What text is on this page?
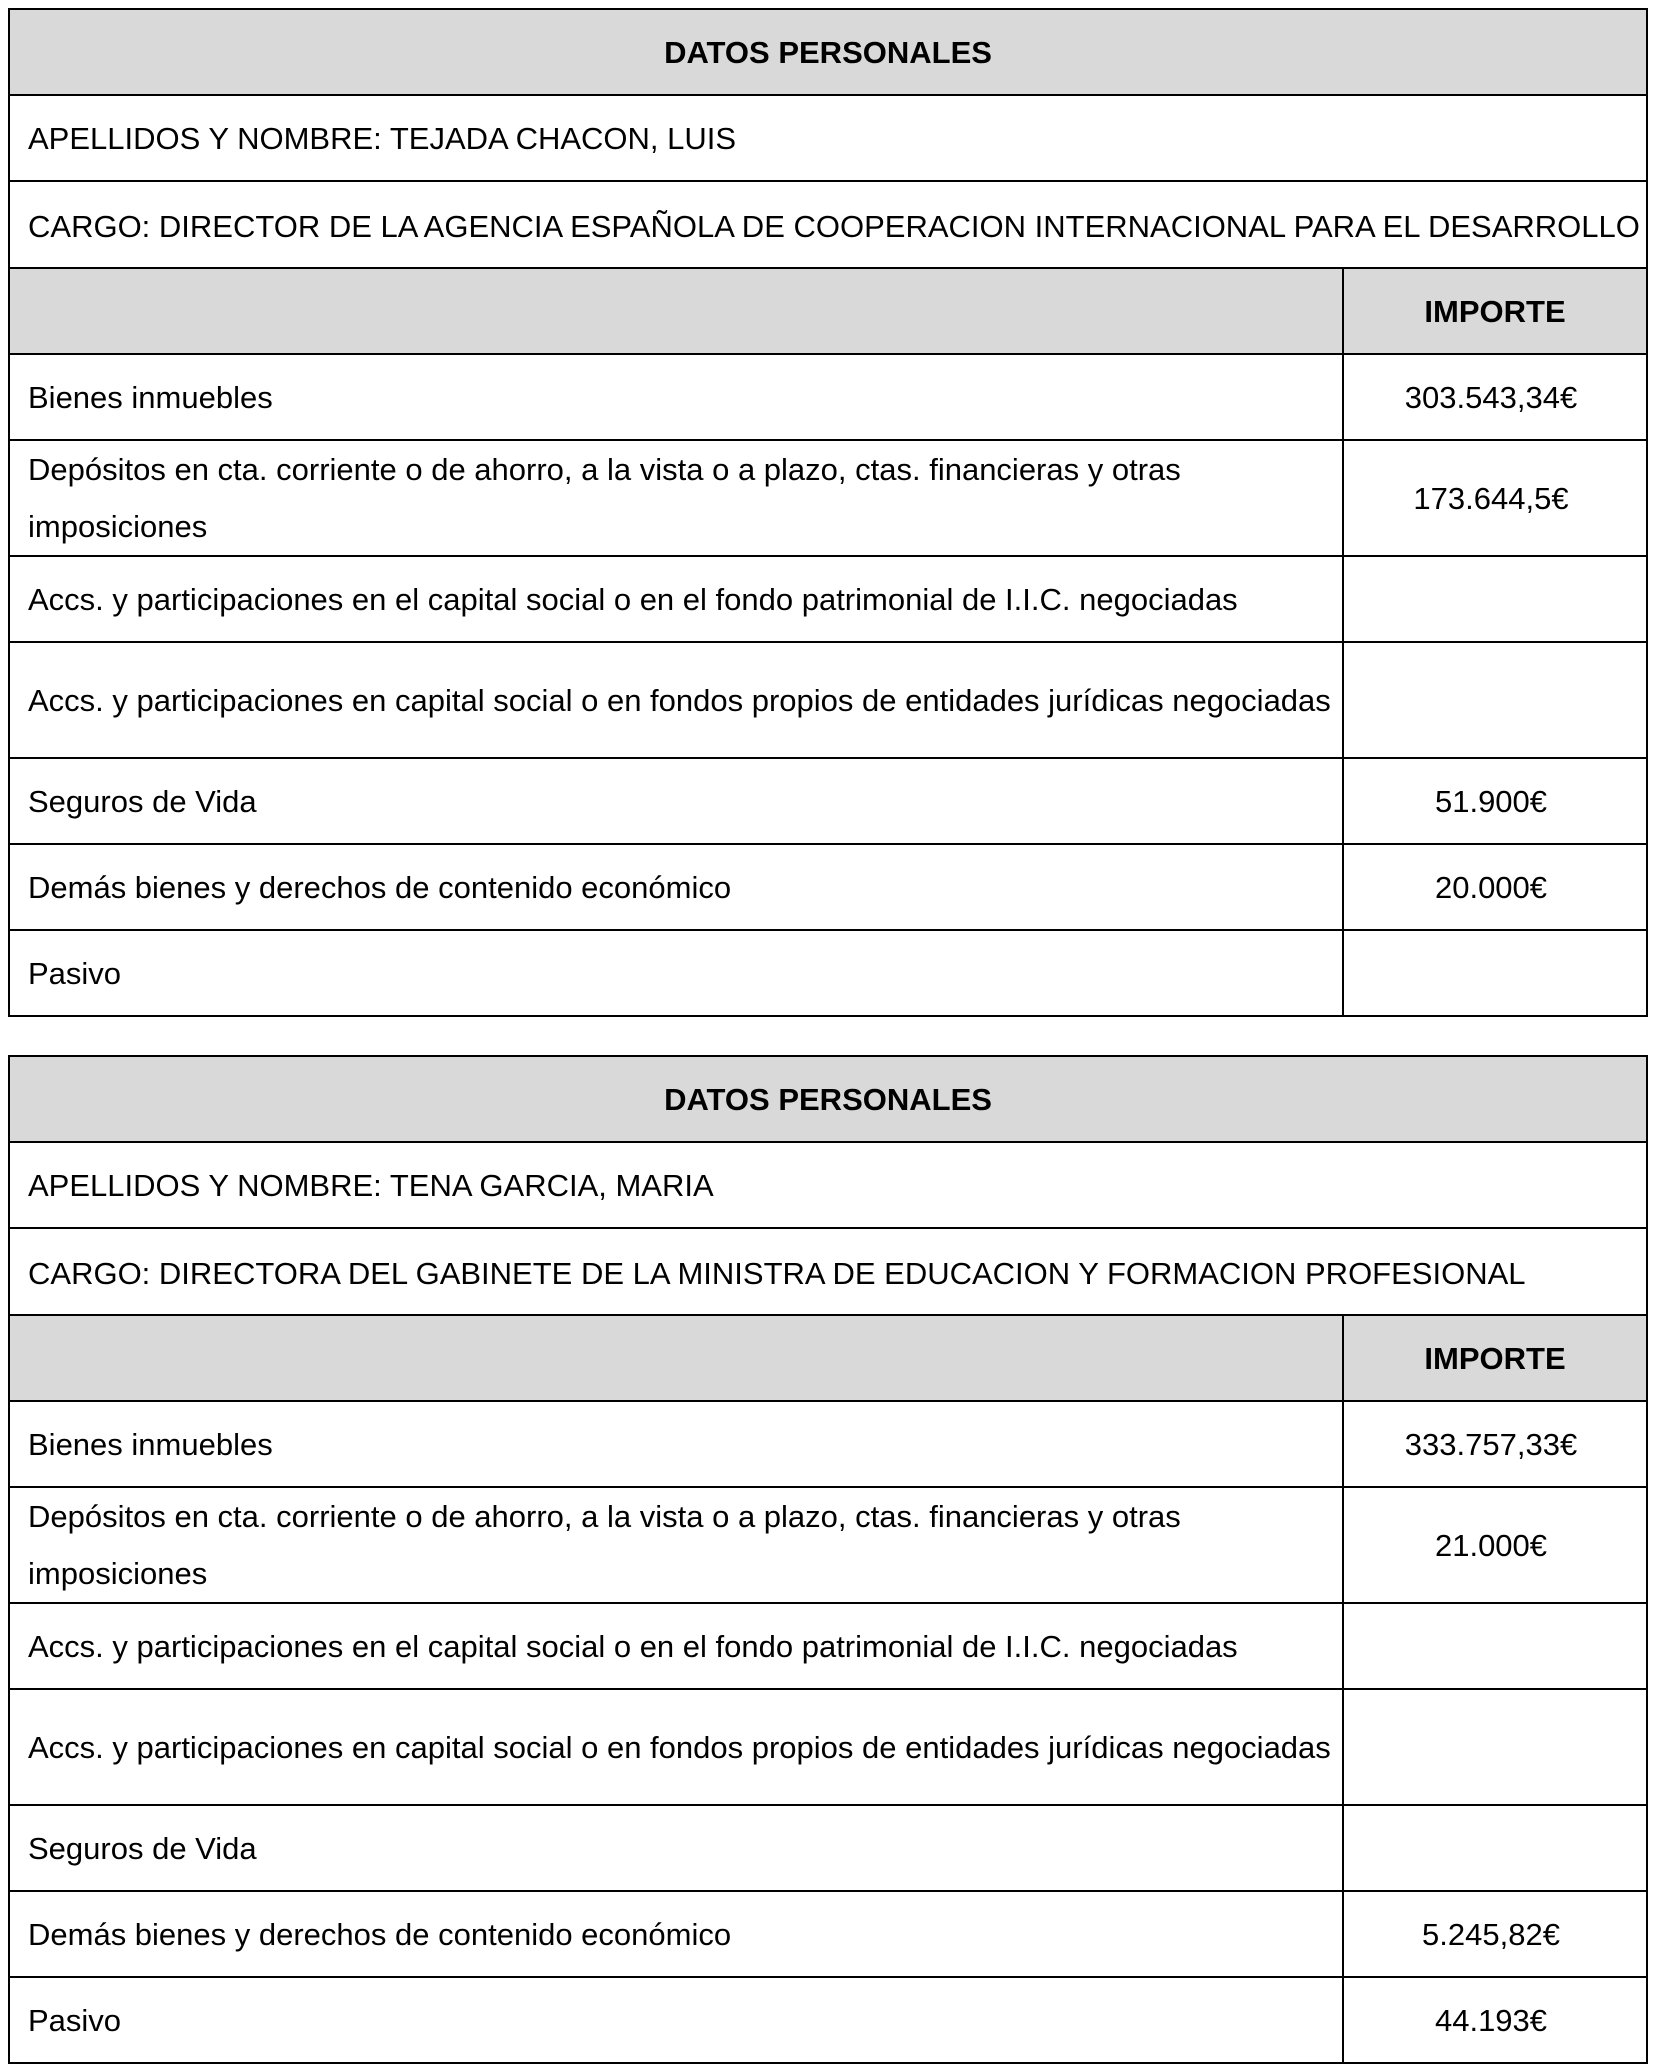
DATOS PERSONALES	
APELLIDOS Y NOMBRE: TEJADA CHACON, LUIS	
CARGO: DIRECTOR DE LA AGENCIA ESPAÑOLA DE COOPERACION INTERNACIONAL PARA EL DESARROLLO	
	IMPORTE
Bienes inmuebles	303.543,34€
Depósitos en cta. corriente o de ahorro, a la vista o a plazo, ctas. financieras y otras imposiciones	173.644,5€
Accs. y participaciones en el capital social o en el fondo patrimonial de I.I.C. negociadas	
Accs. y participaciones en capital social o en fondos propios de entidades jurídicas negociadas	
Seguros de Vida	51.900€
Demás bienes y derechos de contenido económico	20.000€
Pasivo	
DATOS PERSONALES	
APELLIDOS Y NOMBRE: TENA GARCIA, MARIA	
CARGO: DIRECTORA DEL GABINETE DE LA MINISTRA DE EDUCACION Y FORMACION PROFESIONAL	
	IMPORTE
Bienes inmuebles	333.757,33€
Depósitos en cta. corriente o de ahorro, a la vista o a plazo, ctas. financieras y otras imposiciones	21.000€
Accs. y participaciones en el capital social o en el fondo patrimonial de I.I.C. negociadas	
Accs. y participaciones en capital social o en fondos propios de entidades jurídicas negociadas	
Seguros de Vida	
Demás bienes y derechos de contenido económico	5.245,82€
Pasivo	44.193€
